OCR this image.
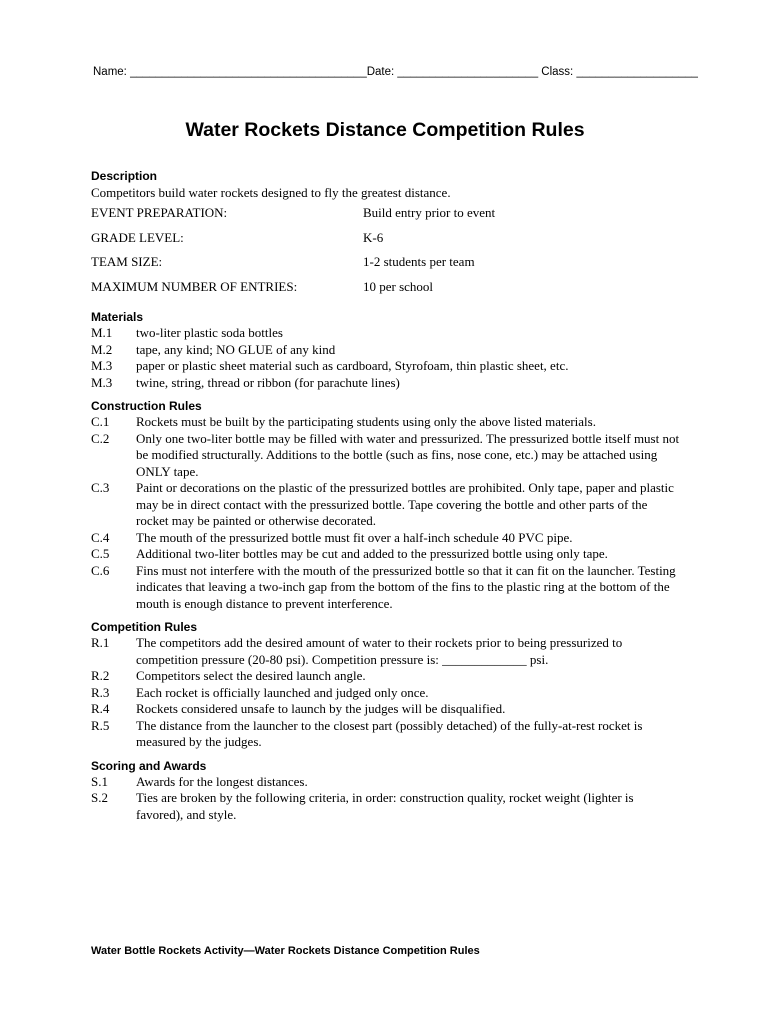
Name: _____________________________________Date: ______________________ Class: ___________________
Water Rockets Distance Competition Rules
Description
Competitors build water rockets designed to fly the greatest distance.
EVENT PREPARATION:	Build entry prior to event
GRADE LEVEL:	K-6
TEAM SIZE:	1-2 students per team
MAXIMUM NUMBER OF ENTRIES:	10 per school
Materials
M.1	two-liter plastic soda bottles
M.2	tape, any kind; NO GLUE of any kind
M.3	paper or plastic sheet material such as cardboard, Styrofoam, thin plastic sheet, etc.
M.3	twine, string, thread or ribbon (for parachute lines)
Construction Rules
C.1	Rockets must be built by the participating students using only the above listed materials.
C.2	Only one two-liter bottle may be filled with water and pressurized. The pressurized bottle itself must not be modified structurally. Additions to the bottle (such as fins, nose cone, etc.) may be attached using ONLY tape.
C.3	Paint or decorations on the plastic of the pressurized bottles are prohibited. Only tape, paper and plastic may be in direct contact with the pressurized bottle. Tape covering the bottle and other parts of the rocket may be painted or otherwise decorated.
C.4	The mouth of the pressurized bottle must fit over a half-inch schedule 40 PVC pipe.
C.5	Additional two-liter bottles may be cut and added to the pressurized bottle using only tape.
C.6	Fins must not interfere with the mouth of the pressurized bottle so that it can fit on the launcher. Testing indicates that leaving a two-inch gap from the bottom of the fins to the plastic ring at the bottom of the mouth is enough distance to prevent interference.
Competition Rules
R.1	The competitors add the desired amount of water to their rockets prior to being pressurized to competition pressure (20-80 psi). Competition pressure is: _____________ psi.
R.2	Competitors select the desired launch angle.
R.3	Each rocket is officially launched and judged only once.
R.4	Rockets considered unsafe to launch by the judges will be disqualified.
R.5	The distance from the launcher to the closest part (possibly detached) of the fully-at-rest rocket is measured by the judges.
Scoring and Awards
S.1	Awards for the longest distances.
S.2	Ties are broken by the following criteria, in order: construction quality, rocket weight (lighter is favored), and style.
Water Bottle Rockets Activity—Water Rockets Distance Competition Rules
